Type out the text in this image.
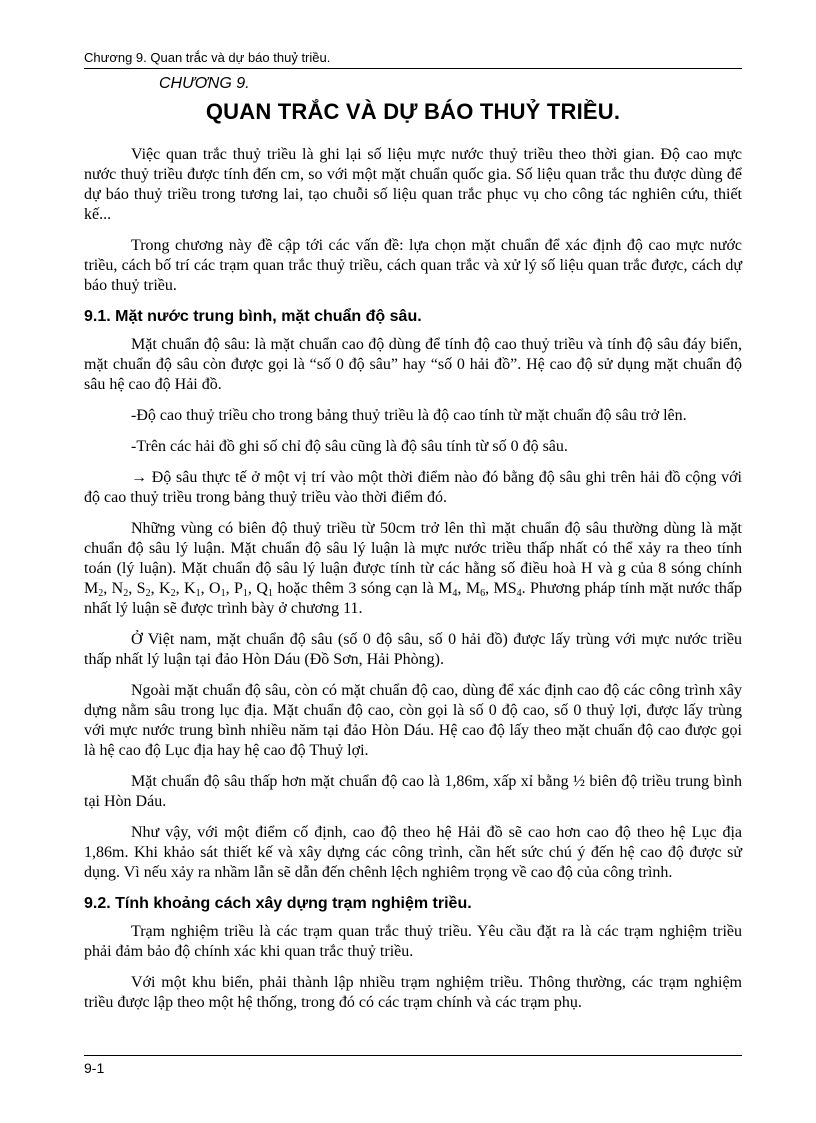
Chương 9. Quan trắc và dự báo thuỷ triều.
CHƯƠNG 9.
QUAN TRẮC VÀ DỰ BÁO THUỶ TRIỀU.

Việc quan trắc thuỷ triều là ghi lại số liệu mực nước thuỷ triều theo thời gian. Độ cao mực nước thuỷ triều được tính đến cm, so với một mặt chuẩn quốc gia. Số liệu quan trắc thu được dùng để dự báo thuỷ triều trong tương lai, tạo chuỗi số liệu quan trắc phục vụ cho công tác nghiên cứu, thiết kế...

Trong chương này đề cập tới các vấn đề: lựa chọn mặt chuẩn để xác định độ cao mực nước triều, cách bố trí các trạm quan trắc thuỷ triều, cách quan trắc và xử lý số liệu quan trắc được, cách dự báo thuỷ triều.

9.1. Mặt nước trung bình, mặt chuẩn độ sâu.

Mặt chuẩn độ sâu: là mặt chuẩn cao độ dùng để tính độ cao thuỷ triều và tính độ sâu đáy biển, mặt chuẩn độ sâu còn được gọi là “số 0 độ sâu” hay “số 0 hải đồ”. Hệ cao độ sử dụng mặt chuẩn độ sâu hệ cao độ Hải đồ.

-Độ cao thuỷ triều cho trong bảng thuỷ triều là độ cao tính từ mặt chuẩn độ sâu trở lên.

-Trên các hải đồ ghi số chỉ độ sâu cũng là độ sâu tính từ số 0 độ sâu.

→ Độ sâu thực tế ở một vị trí vào một thời điểm nào đó bằng độ sâu ghi trên hải đồ cộng với độ cao thuỷ triều trong bảng thuỷ triều vào thời điểm đó.

Những vùng có biên độ thuỷ triều từ 50cm trở lên thì mặt chuẩn độ sâu thường dùng là mặt chuẩn độ sâu lý luận. Mặt chuẩn độ sâu lý luận là mực nước triều thấp nhất có thể xảy ra theo tính toán (lý luận). Mặt chuẩn độ sâu lý luận được tính từ các hằng số điều hoà H và g của 8 sóng chính $M_2$, $N_2$, $S_2$, $K_2$, $K_1$, $O_1$, $P_1$, $Q_1$ hoặc thêm 3 sóng cạn là $M_4$, $M_6$, $MS_4$. Phương pháp tính mặt nước thấp nhất lý luận sẽ được trình bày ở chương 11.

Ở Việt nam, mặt chuẩn độ sâu (số 0 độ sâu, số 0 hải đồ) được lấy trùng với mực nước triều thấp nhất lý luận tại đảo Hòn Dáu (Đồ Sơn, Hải Phòng).

Ngoài mặt chuẩn độ sâu, còn có mặt chuẩn độ cao, dùng để xác định cao độ các công trình xây dựng nằm sâu trong lục địa. Mặt chuẩn độ cao, còn gọi là số 0 độ cao, số 0 thuỷ lợi, được lấy trùng với mực nước trung bình nhiều năm tại đảo Hòn Dáu. Hệ cao độ lấy theo mặt chuẩn độ cao được gọi là hệ cao độ Lục địa hay hệ cao độ Thuỷ lợi.

Mặt chuẩn độ sâu thấp hơn mặt chuẩn độ cao là 1,86m, xấp xỉ bằng ½ biên độ triều trung bình tại Hòn Dáu.

Như vậy, với một điểm cố định, cao độ theo hệ Hải đồ sẽ cao hơn cao độ theo hệ Lục địa 1,86m. Khi khảo sát thiết kế và xây dựng các công trình, cần hết sức chú ý đến hệ cao độ được sử dụng. Vì nếu xảy ra nhầm lẫn sẽ dẫn đến chênh lệch nghiêm trọng về cao độ của công trình.

9.2. Tính khoảng cách xây dựng trạm nghiệm triều.

Trạm nghiệm triều là các trạm quan trắc thuỷ triều. Yêu cầu đặt ra là các trạm nghiệm triều phải đảm bảo độ chính xác khi quan trắc thuỷ triều.

Với một khu biển, phải thành lập nhiều trạm nghiệm triều. Thông thường, các trạm nghiệm triều được lập theo một hệ thống, trong đó có các trạm chính và các trạm phụ.

9-1
